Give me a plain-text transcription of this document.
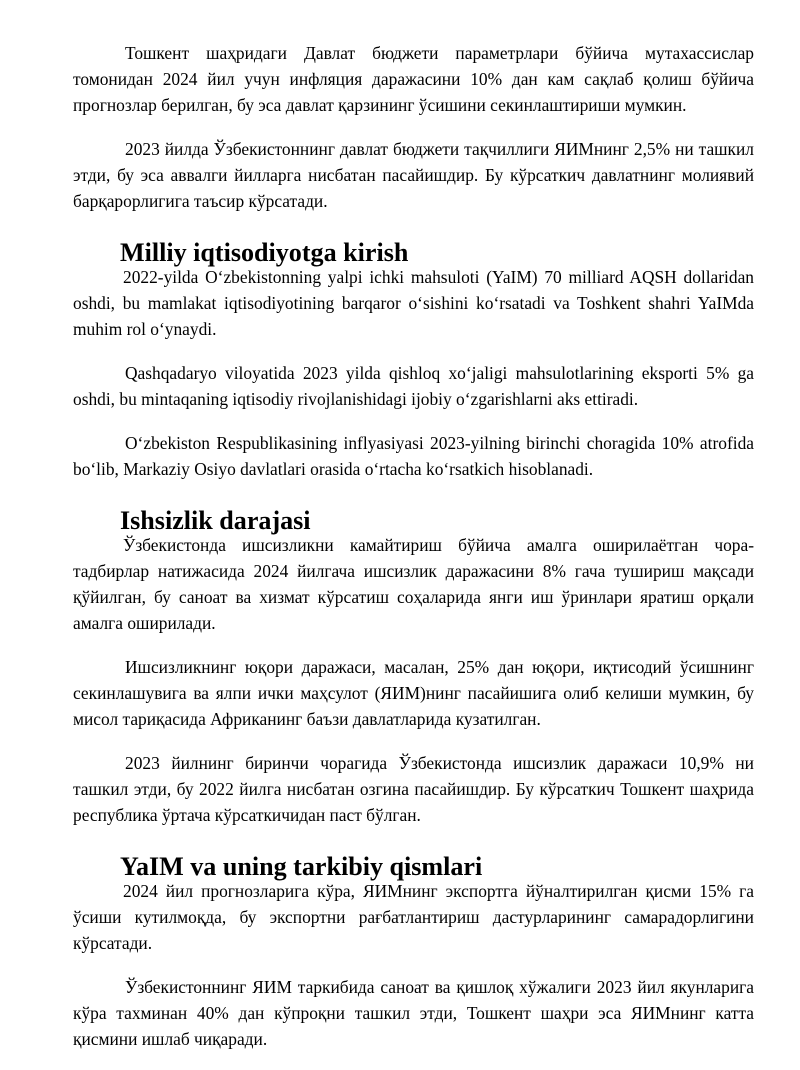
Тошкент шаҳридаги Давлат бюджети параметрлари бўйича мутахассислар томонидан 2024 йил учун инфляция даражасини 10% дан кам сақлаб қолиш бўйича прогнозлар берилган, бу эса давлат қарзининг ўсишини секинлаштириши мумкин.

2023 йилда Ўзбекистоннинг давлат бюджети тақчиллиги ЯИМнинг 2,5% ни ташкил этди, бу эса аввалги йилларга нисбатан пасайишдир. Бу кўрсаткич давлатнинг молиявий барқарорлигига таъсир кўрсатади.

Milliy iqtisodiyotga kirish

2022-yilda Oʻzbekistonning yalpi ichki mahsuloti (YaIM) 70 milliard AQSH dollaridan oshdi, bu mamlakat iqtisodiyotining barqaror oʻsishini koʻrsatadi va Toshkent shahri YaIMda muhim rol oʻynaydi.

Qashqadaryo viloyatida 2023 yilda qishloq xoʻjaligi mahsulotlarining eksporti 5% ga oshdi, bu mintaqaning iqtisodiy rivojlanishidagi ijobiy oʻzgarishlarni aks ettiradi.

Oʻzbekiston Respublikasining inflyasiyasi 2023-yilning birinchi choragida 10% atrofida boʻlib, Markaziy Osiyo davlatlari orasida oʻrtacha koʻrsatkich hisoblanadi.

Ishsizlik darajasi

Ўзбекистонда ишсизликни камайтириш бўйича амалга оширилаётган чора-тадбирлар натижасида 2024 йилгача ишсизлик даражасини 8% гача тушириш мақсади қўйилган, бу саноат ва хизмат кўрсатиш соҳаларида янги иш ўринлари яратиш орқали амалга оширилади.

Ишсизликнинг юқори даражаси, масалан, 25% дан юқори, иқтисодий ўсишнинг секинлашувига ва ялпи ички маҳсулот (ЯИМ)нинг пасайишига олиб келиши мумкин, бу мисол тариқасида Африканинг баъзи давлатларида кузатилган.

2023 йилнинг биринчи чорагида Ўзбекистонда ишсизлик даражаси 10,9% ни ташкил этди, бу 2022 йилга нисбатан озгина пасайишдир. Бу кўрсаткич Тошкент шаҳрида республика ўртача кўрсаткичидан паст бўлган.

YaIM va uning tarkibiy qismlari

2024 йил прогнозларига кўра, ЯИМнинг экспортга йўналтирилган қисми 15% га ўсиши кутилмоқда, бу экспортни рағбатлантириш дастурларининг самарадорлигини кўрсатади.

Ўзбекистоннинг ЯИМ таркибида саноат ва қишлоқ хўжалиги 2023 йил якунларига кўра тахминан 40% дан кўпроқни ташкил этди, Тошкент шаҳри эса ЯИМнинг катта қисмини ишлаб чиқаради.
